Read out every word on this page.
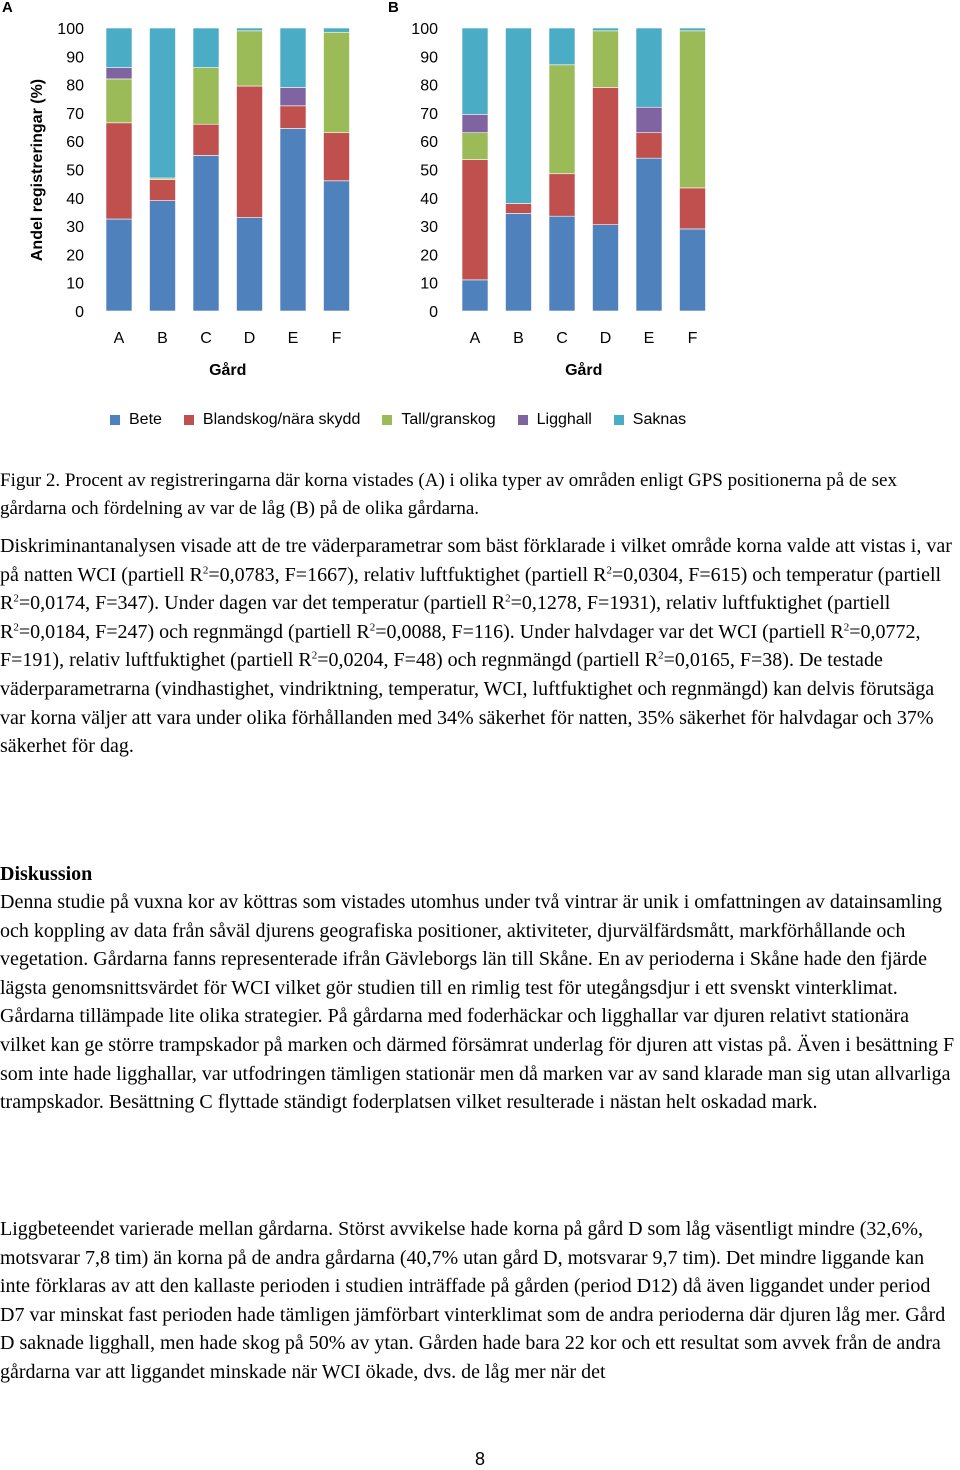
A
0
10
20
30
40
50
60
70
80
90
100
A B C D E F
Gård
Andel registreringar (%)
B
0
10
20
30
40
50
60
70
80
90
100
A B C D E F
Gård
Bete	Blandskog/nära skydd	Tall/granskog	Ligghall	Saknas
Figur 2. Procent av registreringarna där korna vistades (A) i olika typer av områden enligt GPS positionerna på de sex gårdarna och fördelning av var de låg (B) på de olika gårdarna.
Diskriminantanalysen visade att de tre väderparametrar som bäst förklarade i vilket område korna valde att vistas i, var på natten WCI (partiell $R^2=0,0783$, F=1667), relativ luftfuktighet (partiell $R^2=0,0304$, F=615) och temperatur (partiell $R^2=0,0174$, F=347). Under dagen var det temperatur (partiell $R^2=0,1278$, F=1931), relativ luftfuktighet (partiell $R^2=0,0184$, F=247) och regnmängd (partiell $R^2=0,0088$, F=116). Under halvdager var det WCI (partiell $R^2=0,0772$, F=191), relativ luftfuktighet (partiell $R^2=0,0204$, F=48) och regnmängd (partiell $R^2=0,0165$, F=38). De testade väderparametrarna (vindhastighet, vindriktning, temperatur, WCI, luftfuktighet och regnmängd) kan delvis förutsäga var korna väljer att vara under olika förhållanden med 34% säkerhet för natten, 35% säkerhet för halvdagar och 37% säkerhet för dag.
Diskussion
Denna studie på vuxna kor av köttras som vistades utomhus under två vintrar är unik i omfattningen av datainsamling och koppling av data från såväl djurens geografiska positioner, aktiviteter, djurvälfärdsmått, markförhållande och vegetation. Gårdarna fanns representerade ifrån Gävleborgs län till Skåne. En av perioderna i Skåne hade den fjärde lägsta genomsnittsvärdet för WCI vilket gör studien till en rimlig test för utegångsdjur i ett svenskt vinterklimat. Gårdarna tillämpade lite olika strategier. På gårdarna med foderhäckar och ligghallar var djuren relativt stationära vilket kan ge större trampskador på marken och därmed försämrat underlag för djuren att vistas på. Även i besättning F som inte hade ligghallar, var utfodringen tämligen stationär men då marken var av sand klarade man sig utan allvarliga trampskador. Besättning C flyttade ständigt foderplatsen vilket resulterade i nästan helt oskadad mark.
Liggbeteendet varierade mellan gårdarna. Störst avvikelse hade korna på gård D som låg väsentligt mindre (32,6%, motsvarar 7,8 tim) än korna på de andra gårdarna (40,7% utan gård D, motsvarar 9,7 tim). Det mindre liggande kan inte förklaras av att den kallaste perioden i studien inträffade på gården (period D12) då även liggandet under period D7 var minskat fast perioden hade tämligen jämförbart vinterklimat som de andra perioderna där djuren låg mer. Gård D saknade ligghall, men hade skog på 50% av ytan. Gården hade bara 22 kor och ett resultat som avvek från de andra gårdarna var att liggandet minskade när WCI ökade, dvs. de låg mer när det
8
